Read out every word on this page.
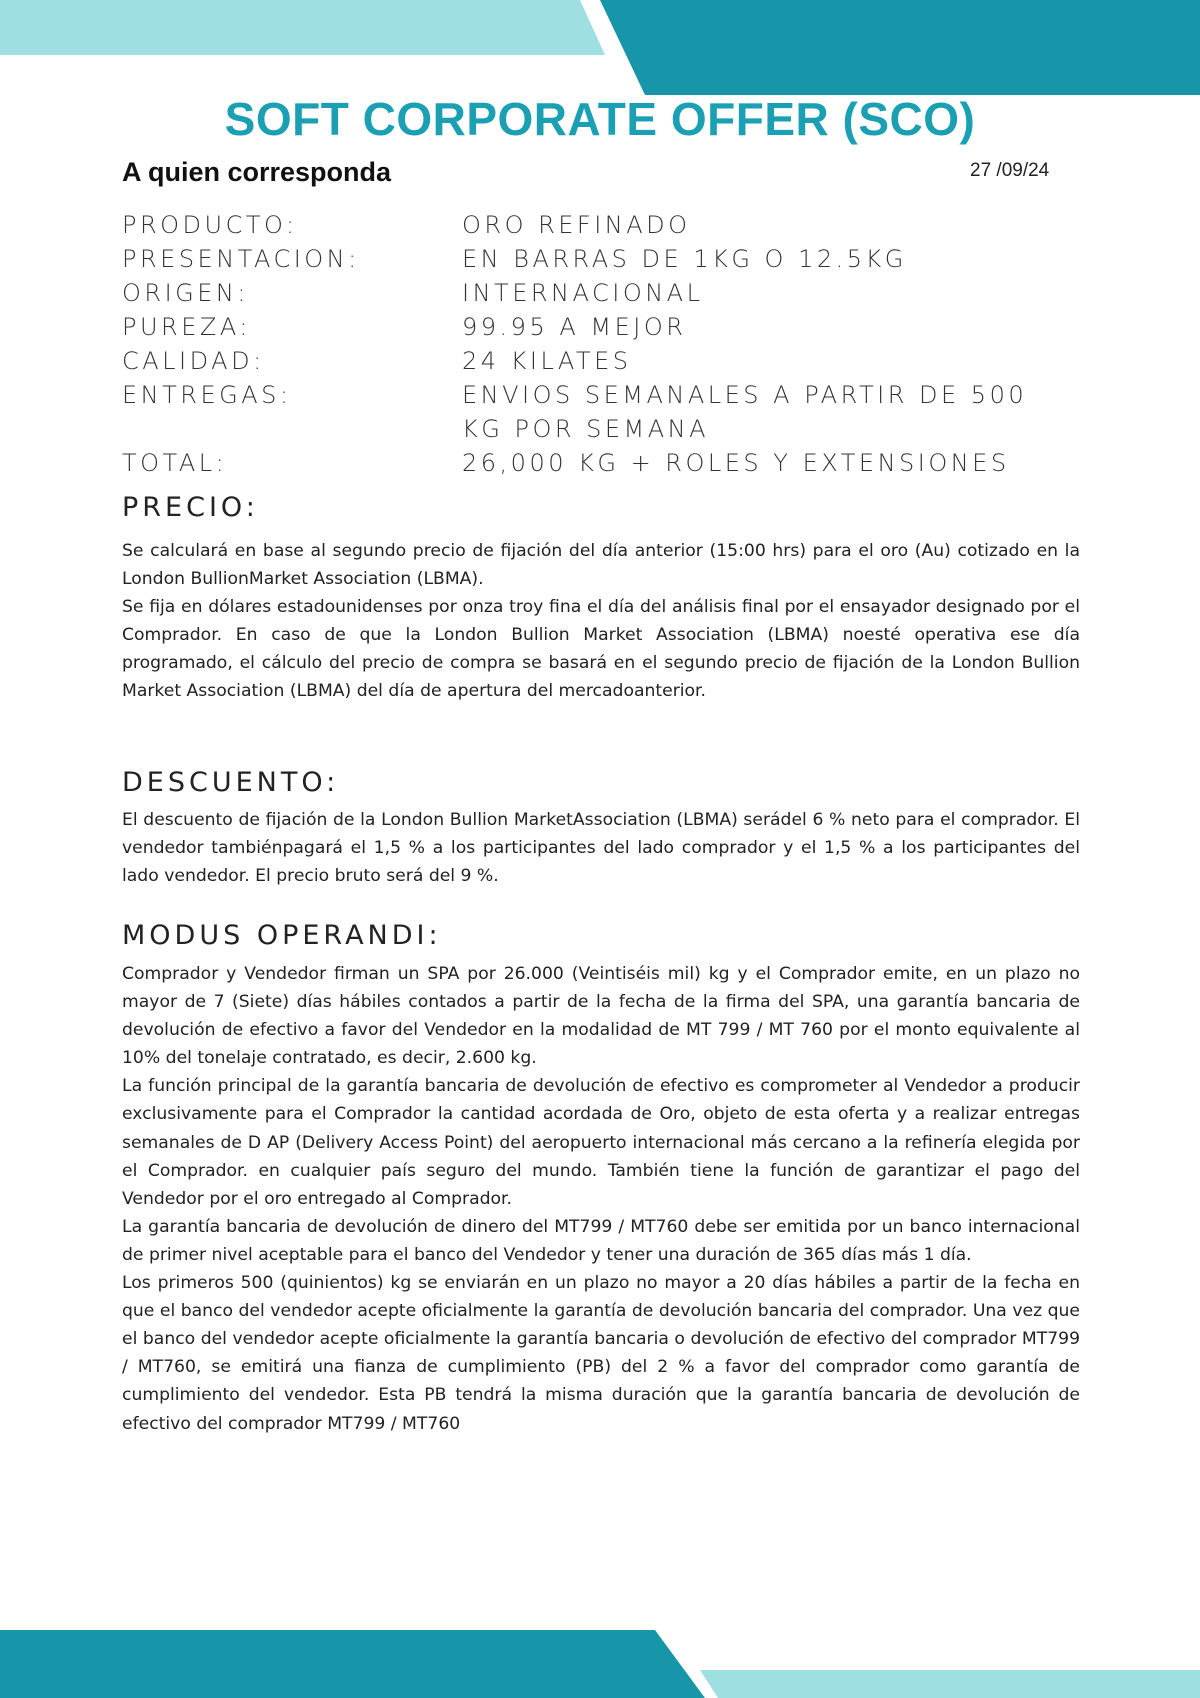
SOFT CORPORATE OFFER (SCO)
A quien corresponda	27 /09/24
PRODUCTO:	ORO REFINADO
PRESENTACION:	EN BARRAS DE 1KG O 12.5KG
ORIGEN:	INTERNACIONAL
PUREZA:	99.95 A MEJOR
CALIDAD:	24 KILATES
ENTREGAS:	ENVIOS SEMANALES A PARTIR DE 500 KG POR SEMANA
TOTAL:	26,000 KG + ROLES Y EXTENSIONES
PRECIO:

Se calculará en base al segundo precio de fijación del día anterior (15:00 hrs) para el oro (Au) cotizado en la London BullionMarket Association (LBMA).

Se fija en dólares estadounidenses por onza troy fina el día del análisis final por el ensayador designado por el Comprador. En caso de que la London Bullion Market Association (LBMA) noesté operativa ese día programado, el cálculo del precio de compra se basará en el segundo precio de fijación de la London Bullion Market Association (LBMA) del día de apertura del mercadoanterior.

DESCUENTO:

El descuento de fijación de la London Bullion MarketAssociation (LBMA) serádel 6 % neto para el comprador. El vendedor tambiénpagará el 1,5 % a los participantes del lado comprador y el 1,5 % a los participantes del lado vendedor. El precio bruto será del 9 %.

MODUS OPERANDI:

Comprador y Vendedor firman un SPA por 26.000 (Veintiséis mil) kg y el Comprador emite, en un plazo no mayor de 7 (Siete) días hábiles contados a partir de la fecha de la firma del SPA, una garantía bancaria de devolución de efectivo a favor del Vendedor en la modalidad de MT 799 / MT 760 por el monto equivalente al 10% del tonelaje contratado, es decir, 2.600 kg.

La función principal de la garantía bancaria de devolución de efectivo es comprometer al Vendedor a producir exclusivamente para el Comprador la cantidad acordada de Oro, objeto de esta oferta y a realizar entregas semanales de D AP (Delivery Access Point) del aeropuerto internacional más cercano a la refinería elegida por el Comprador. en cualquier país seguro del mundo. También tiene la función de garantizar el pago del Vendedor por el oro entregado al Comprador.

La garantía bancaria de devolución de dinero del MT799 / MT760 debe ser emitida por un banco internacional de primer nivel aceptable para el banco del Vendedor y tener una duración de 365 días más 1 día.

Los primeros 500 (quinientos) kg se enviarán en un plazo no mayor a 20 días hábiles a partir de la fecha en que el banco del vendedor acepte oficialmente la garantía de devolución bancaria del comprador. Una vez que el banco del vendedor acepte oficialmente la garantía bancaria o devolución de efectivo del comprador MT799 / MT760, se emitirá una fianza de cumplimiento (PB) del 2 % a favor del comprador como garantía de cumplimiento del vendedor. Esta PB tendrá la misma duración que la garantía bancaria de devolución de efectivo del comprador MT799 / MT760
